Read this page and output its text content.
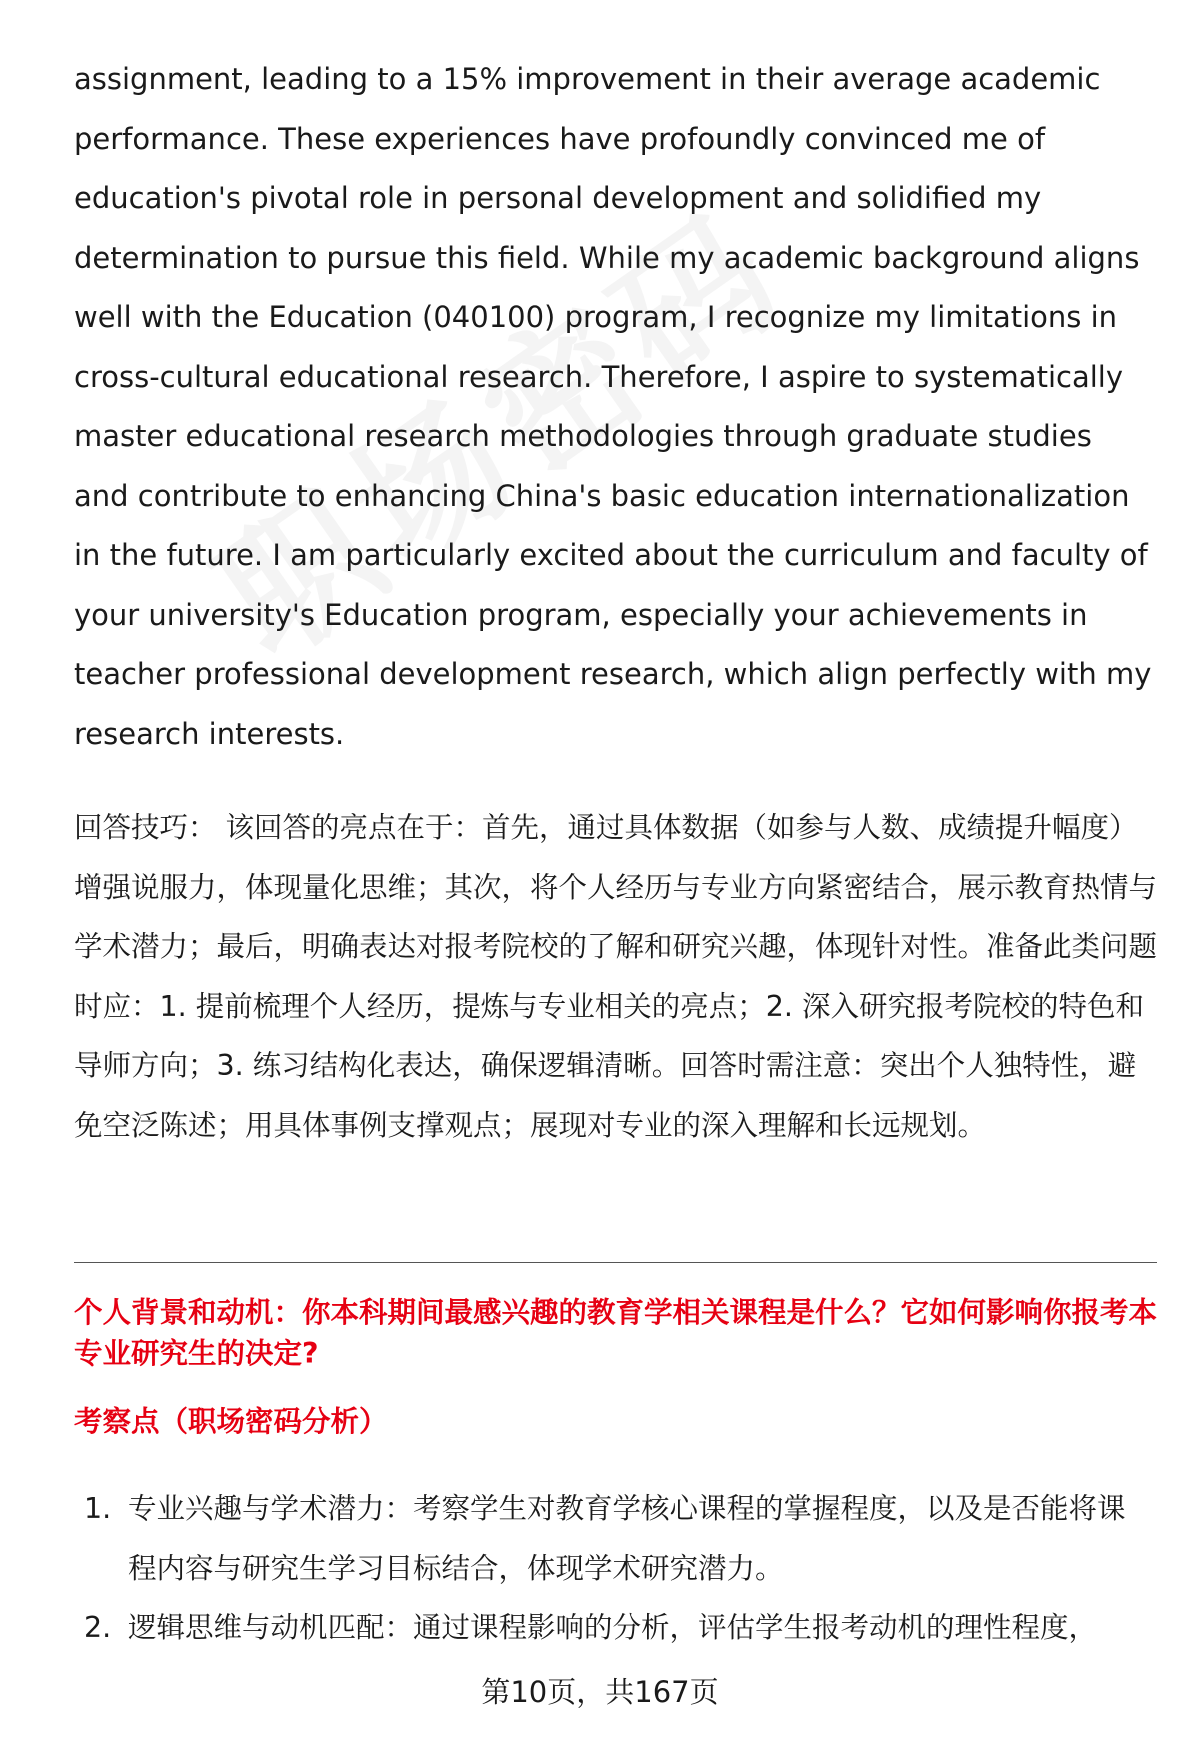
assignment, leading to a 15% improvement in their average academic performance. These experiences have profoundly convinced me of education's pivotal role in personal development and solidified my determination to pursue this field. While my academic background aligns well with the Education (040100) program, I recognize my limitations in cross-cultural educational research. Therefore, I aspire to systematically master educational research methodologies through graduate studies and contribute to enhancing China's basic education internationalization in the future. I am particularly excited about the curriculum and faculty of your university's Education program, especially your achievements in teacher professional development research, which align perfectly with my research interests.

回答技巧： 该回答的亮点在于：首先，通过具体数据（如参与人数、成绩提升幅度）增强说服力，体现量化思维；其次，将个人经历与专业方向紧密结合，展示教育热情与学术潜力；最后，明确表达对报考院校的了解和研究兴趣，体现针对性。准备此类问题时应：1. 提前梳理个人经历，提炼与专业相关的亮点；2. 深入研究报考院校的特色和导师方向；3. 练习结构化表达，确保逻辑清晰。回答时需注意：突出个人独特性，避免空泛陈述；用具体事例支撑观点；展现对专业的深入理解和长远规划。

个人背景和动机：你本科期间最感兴趣的教育学相关课程是什么？它如何影响你报考本专业研究生的决定?

考察点（职场密码分析）

1. 专业兴趣与学术潜力：考察学生对教育学核心课程的掌握程度，以及是否能将课程内容与研究生学习目标结合，体现学术研究潜力。
2. 逻辑思维与动机匹配：通过课程影响的分析，评估学生报考动机的理性程度，
第10页，共167页
